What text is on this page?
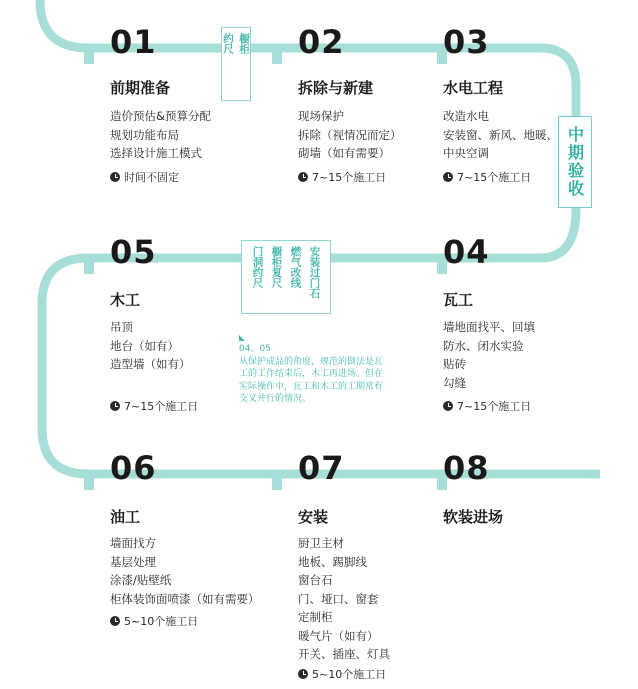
01	02	03
05	04
06	07	08
前期准备
造价预估&预算分配
规划功能布局
选择设计施工模式
时间不固定
拆除与新建
现场保护
拆除（视情况而定）
砌墙（如有需要）
7~15个施工日
水电工程
改造水电
安装窗、新风、地暖、
中央空调
7~15个施工日
木工
吊顶
地台（如有）
造型墙（如有）
7~15个施工日
瓦工
墙地面找平、回填
防水、闭水实验
贴砖
勾缝
7~15个施工日
油工
墙面找方
基层处理
涂漆/贴壁纸
柜体装饰面喷漆（如有需要）
5~10个施工日
安装
厨卫主材
地板、踢脚线
窗台石
门、垭口、窗套
定制柜
暖气片（如有）
开关、插座、灯具
5~10个施工日
软装进场
橱柜
约尺
中期验收
安装过门石
燃气改线
橱柜复尺
门洞约尺
04、05
从保护成品的角度，规范的做法是瓦
工的工作结束后，木工再进场。但在
实际操作中，瓦工和木工的工期常有
交叉并行的情况。
